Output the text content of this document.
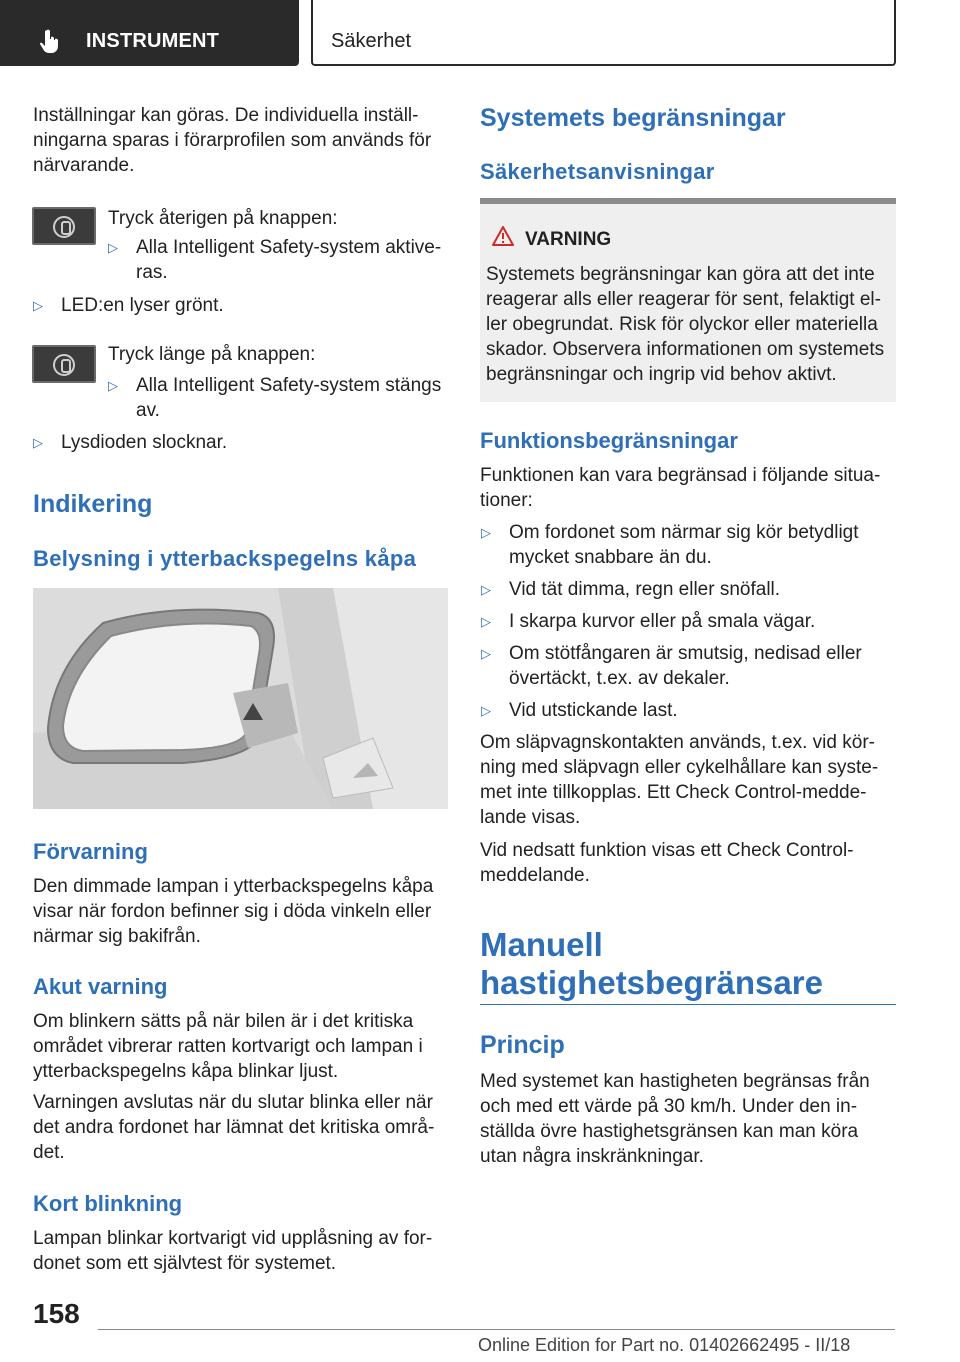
INSTRUMENT	Säkerhet
Inställningar kan göras. De individuella inställ-
ningarna sparas i förarprofilen som används för
närvarande.
Tryck återigen på knappen:
▷ Alla Intelligent Safety-system aktive-
ras.
▷ LED:en lyser grönt.
Tryck länge på knappen:
▷ Alla Intelligent Safety-system stängs
av.
▷ Lysdioden slocknar.
Indikering
Belysning i ytterbackspegelns kåpa
Förvarning
Den dimmade lampan i ytterbackspegelns kåpa
visar när fordon befinner sig i döda vinkeln eller
närmar sig bakifrån.
Akut varning
Om blinkern sätts på när bilen är i det kritiska
området vibrerar ratten kortvarigt och lampan i
ytterbackspegelns kåpa blinkar ljust.
Varningen avslutas när du slutar blinka eller när
det andra fordonet har lämnat det kritiska områ-
det.
Kort blinkning
Lampan blinkar kortvarigt vid upplåsning av for-
donet som ett självtest för systemet.
Systemets begränsningar
Säkerhetsanvisningar
VARNING
Systemets begränsningar kan göra att det inte
reagerar alls eller reagerar för sent, felaktigt el-
ler obegrundat. Risk för olyckor eller materiella
skador. Observera informationen om systemets
begränsningar och ingrip vid behov aktivt.
Funktionsbegränsningar
Funktionen kan vara begränsad i följande situa-
tioner:
▷ Om fordonet som närmar sig kör betydligt
mycket snabbare än du.
▷ Vid tät dimma, regn eller snöfall.
▷ I skarpa kurvor eller på smala vägar.
▷ Om stötfångaren är smutsig, nedisad eller
övertäckt, t.ex. av dekaler.
▷ Vid utstickande last.
Om släpvagnskontakten används, t.ex. vid kör-
ning med släpvagn eller cykelhållare kan syste-
met inte tillkopplas. Ett Check Control-medde-
lande visas.
Vid nedsatt funktion visas ett Check Control-
meddelande.
Manuell
hastighetsbegränsare
Princip
Med systemet kan hastigheten begränsas från
och med ett värde på 30 km/h. Under den in-
ställda övre hastighetsgränsen kan man köra
utan några inskränkningar.
158
Online Edition for Part no. 01402662495 - II/18
